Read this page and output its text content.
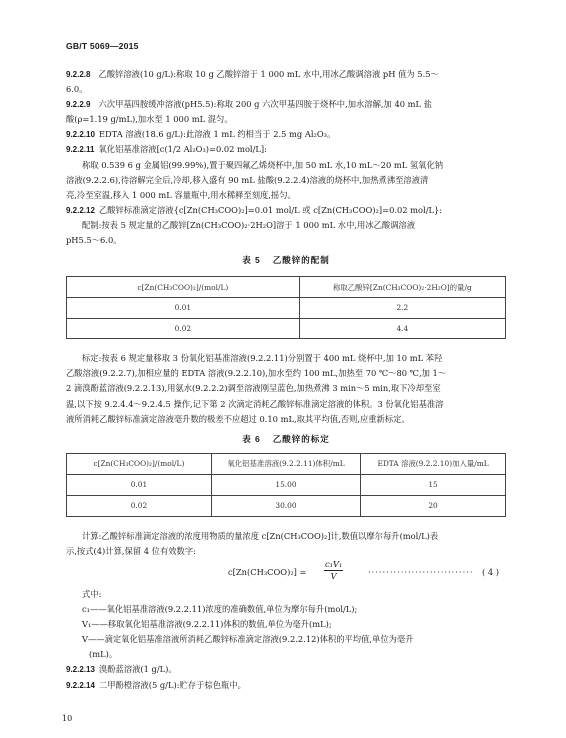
GB/T 5069—2015

9.2.2.8 乙酸锌溶液(10 g/L):称取 10 g 乙酸锌溶于 1 000 mL 水中,用冰乙酸调溶液 pH 值为 5.5～

6.0。

9.2.2.9 六次甲基四胺缓冲溶液(pH5.5):称取 200 g 六次甲基四胺于烧杯中,加水溶解,加 40 mL 盐

酸(ρ=1.19 g/mL),加水至 1 000 mL 混匀。

9.2.2.10 EDTA 溶液(18.6 g/L):此溶液 1 mL 约相当于 2.5 mg Al₂O₃。

9.2.2.11 氧化铝基准溶液[c(1/2 Al₂O₃)=0.02 mol/L]:

称取 0.539 6 g 金属铝(99.99%),置于聚四氟乙烯烧杯中,加 50 mL 水,10 mL～20 mL 氢氧化钠

溶液(9.2.2.6),待溶解完全后,冷却,移入盛有 90 mL 盐酸(9.2.2.4)溶液的烧杯中,加热煮沸至溶液清

亮,冷至室温,移入 1 000 mL 容量瓶中,用水稀释至刻度,摇匀。

9.2.2.12 乙酸锌标准滴定溶液{c[Zn(CH₃COO)₂]=0.01 mol/L 或 c[Zn(CH₃COO)₂]=0.02 mol/L}:

配制:按表 5 规定量的乙酸锌[Zn(CH₃COO)₂·2H₂O]溶于 1 000 mL 水中,用冰乙酸调溶液

pH5.5～6.0。

表 5 乙酸锌的配制

c[Zn(CH₃COO)₂]/(mol/L)	称取乙酸锌[Zn(CH₃COO)₂·2H₂O]的量/g
0.01	2.2
0.02	4.4

标定:按表 6 规定量移取 3 份氧化铝基准溶液(9.2.2.11)分别置于 400 mL 烧杯中,加 10 mL 苯羟

乙酸溶液(9.2.2.7),加相应量的 EDTA 溶液(9.2.2.10),加水至约 100 mL,加热至 70 ℃～80 ℃,加 1～

2 滴溴酚蓝溶液(9.2.2.13),用氨水(9.2.2.2)调至溶液刚呈蓝色,加热煮沸 3 min～5 min,取下冷却至室

温,以下按 9.2.4.4～9.2.4.5 操作,记下第 2 次滴定消耗乙酸锌标准滴定溶液的体积。3 份氧化铝基准溶

液所消耗乙酸锌标准滴定溶液毫升数的极差不应超过 0.10 mL,取其平均值,否则,应重新标定。

表 6 乙酸锌的标定

c[Zn(CH₃COO)₂]/(mol/L)	氧化铝基准溶液(9.2.2.11)体积/mL	EDTA 溶液(9.2.2.10)加入量/mL
0.01	15.00	15
0.02	30.00	20

计算:乙酸锌标准滴定溶液的浓度用物质的量浓度 c[Zn(CH₃COO)₂]计,数值以摩尔每升(mol/L)表

示,按式(4)计算,保留 4 位有效数字:

$c[Zn(CH_3COO)_2] = \frac{\text{c₁V₁}}{V}$	····························· ( 4 )

式中:

c₁——氧化铝基准溶液(9.2.2.11)浓度的准确数值,单位为摩尔每升(mol/L);

V₁——移取氧化铝基准溶液(9.2.2.11)体积的数值,单位为毫升(mL);

V——滴定氧化铝基准溶液所消耗乙酸锌标准滴定溶液(9.2.2.12)体积的平均值,单位为毫升

(mL)。

9.2.2.13 溴酚蓝溶液(1 g/L)。

9.2.2.14 二甲酚橙溶液(5 g/L):贮存于棕色瓶中。

10
